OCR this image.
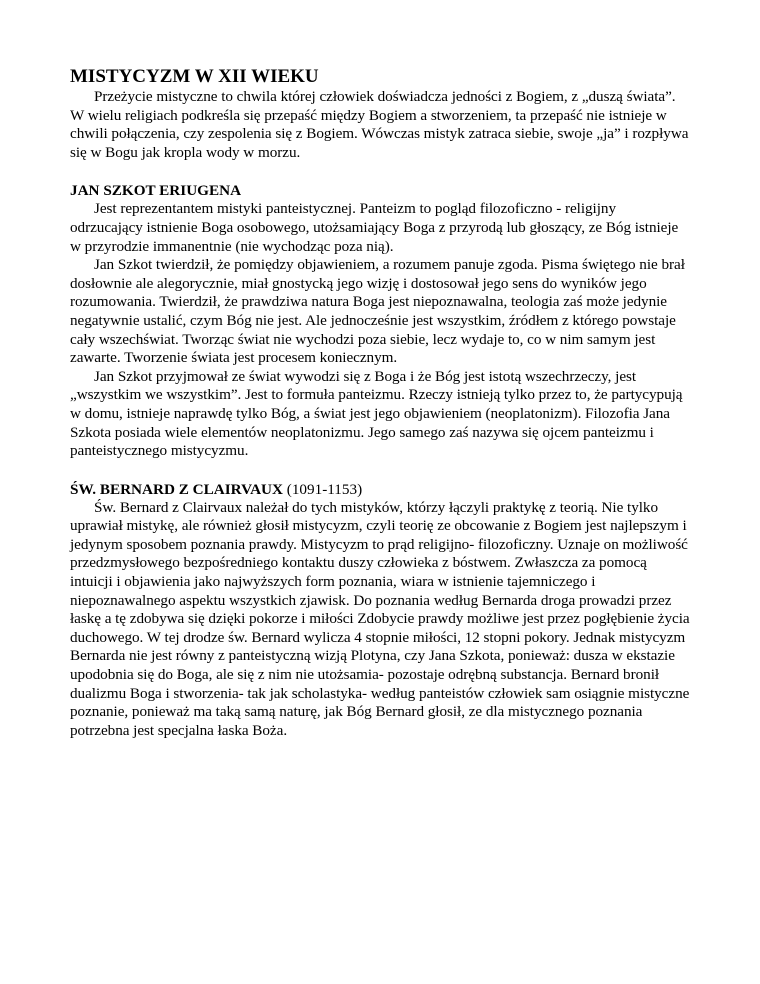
MISTYCYZM W XII WIEKU

Przeżycie mistyczne to chwila której człowiek doświadcza jedności z Bogiem, z „duszą świata”. W wielu religiach podkreśla się przepaść między Bogiem a stworzeniem, ta przepaść nie istnieje w chwili połączenia, czy zespolenia się z Bogiem. Wówczas mistyk zatraca siebie, swoje „ja” i rozpływa się w Bogu jak kropla wody w morzu.

JAN SZKOT ERIUGENA

Jest reprezentantem mistyki panteistycznej. Panteizm to pogląd filozoficzno - religijny odrzucający istnienie Boga osobowego, utożsamiający Boga z przyrodą lub głoszący, ze Bóg istnieje w przyrodzie immanentnie (nie wychodząc poza nią).

Jan Szkot twierdził, że pomiędzy objawieniem, a rozumem panuje zgoda. Pisma świętego nie brał dosłownie ale alegorycznie, miał gnostycką jego wizję i dostosował jego sens do wyników jego rozumowania. Twierdził, że prawdziwa natura Boga jest niepoznawalna, teologia zaś może jedynie negatywnie ustalić, czym Bóg nie jest. Ale jednocześnie jest wszystkim, źródłem z którego powstaje cały wszechświat. Tworząc świat nie wychodzi poza siebie, lecz wydaje to, co w nim samym jest zawarte. Tworzenie świata jest procesem koniecznym.

Jan Szkot przyjmował ze świat wywodzi się z Boga i że Bóg jest istotą wszechrzeczy, jest „wszystkim we wszystkim”. Jest to formuła panteizmu. Rzeczy istnieją tylko przez to, że partycypują w domu, istnieje naprawdę tylko Bóg, a świat jest jego objawieniem (neoplatonizm). Filozofia Jana Szkota posiada wiele elementów neoplatonizmu. Jego samego zaś nazywa się ojcem panteizmu i panteistycznego mistycyzmu.

ŚW. BERNARD Z CLAIRVAUX (1091-1153)

Św. Bernard z Clairvaux należał do tych mistyków, którzy łączyli praktykę z teorią. Nie tylko uprawiał mistykę, ale również głosił mistycyzm, czyli teorię ze obcowanie z Bogiem jest najlepszym i jedynym sposobem poznania prawdy. Mistycyzm to prąd religijno- filozoficzny. Uznaje on możliwość przedzmysłowego bezpośredniego kontaktu duszy człowieka z bóstwem. Zwłaszcza za pomocą intuicji i objawienia jako najwyższych form poznania, wiara w istnienie tajemniczego i niepoznawalnego aspektu wszystkich zjawisk. Do poznania według Bernarda droga prowadzi przez łaskę a tę zdobywa się dzięki pokorze i miłości Zdobycie prawdy możliwe jest przez pogłębienie życia duchowego. W tej drodze św. Bernard wylicza 4 stopnie miłości, 12 stopni pokory. Jednak mistycyzm Bernarda nie jest równy z panteistyczną wizją Plotyna, czy Jana Szkota, ponieważ: dusza w ekstazie upodobnia się do Boga, ale się z nim nie utożsamia- pozostaje odrębną substancja. Bernard bronił dualizmu Boga i stworzenia- tak jak scholastyka- według panteistów człowiek sam osiągnie mistyczne poznanie, ponieważ ma taką samą naturę, jak Bóg Bernard głosił, ze dla mistycznego poznania potrzebna jest specjalna łaska Boża.
